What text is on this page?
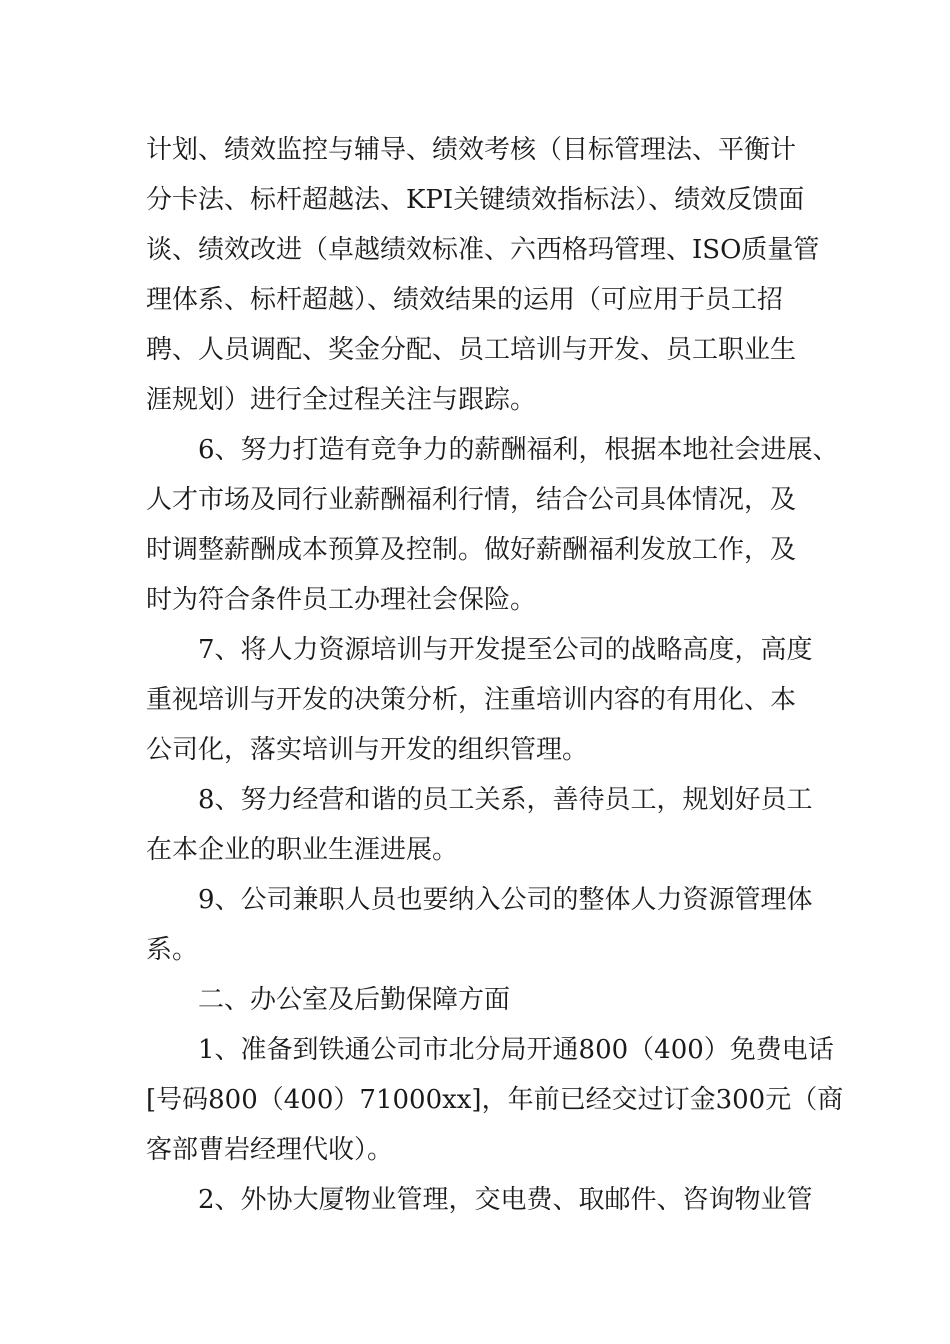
计划、绩效监控与辅导、绩效考核（目标管理法、平衡计
分卡法、标杆超越法、KPI关键绩效指标法）、绩效反馈面
谈、绩效改进（卓越绩效标准、六西格玛管理、ISO质量管
理体系、标杆超越）、绩效结果的运用（可应用于员工招
聘、人员调配、奖金分配、员工培训与开发、员工职业生
涯规划）进行全过程关注与跟踪。
6、努力打造有竞争力的薪酬福利，根据本地社会进展、
人才市场及同行业薪酬福利行情，结合公司具体情况，及
时调整薪酬成本预算及控制。做好薪酬福利发放工作，及
时为符合条件员工办理社会保险。
7、将人力资源培训与开发提至公司的战略高度，高度
重视培训与开发的决策分析，注重培训内容的有用化、本
公司化，落实培训与开发的组织管理。
8、努力经营和谐的员工关系，善待员工，规划好员工
在本企业的职业生涯进展。
9、公司兼职人员也要纳入公司的整体人力资源管理体
系。
二、办公室及后勤保障方面
1、准备到铁通公司市北分局开通800（400）免费电话
[号码800（400）71000xx]，年前已经交过订金300元（商
客部曹岩经理代收）。
2、外协大厦物业管理，交电费、取邮件、咨询物业管
